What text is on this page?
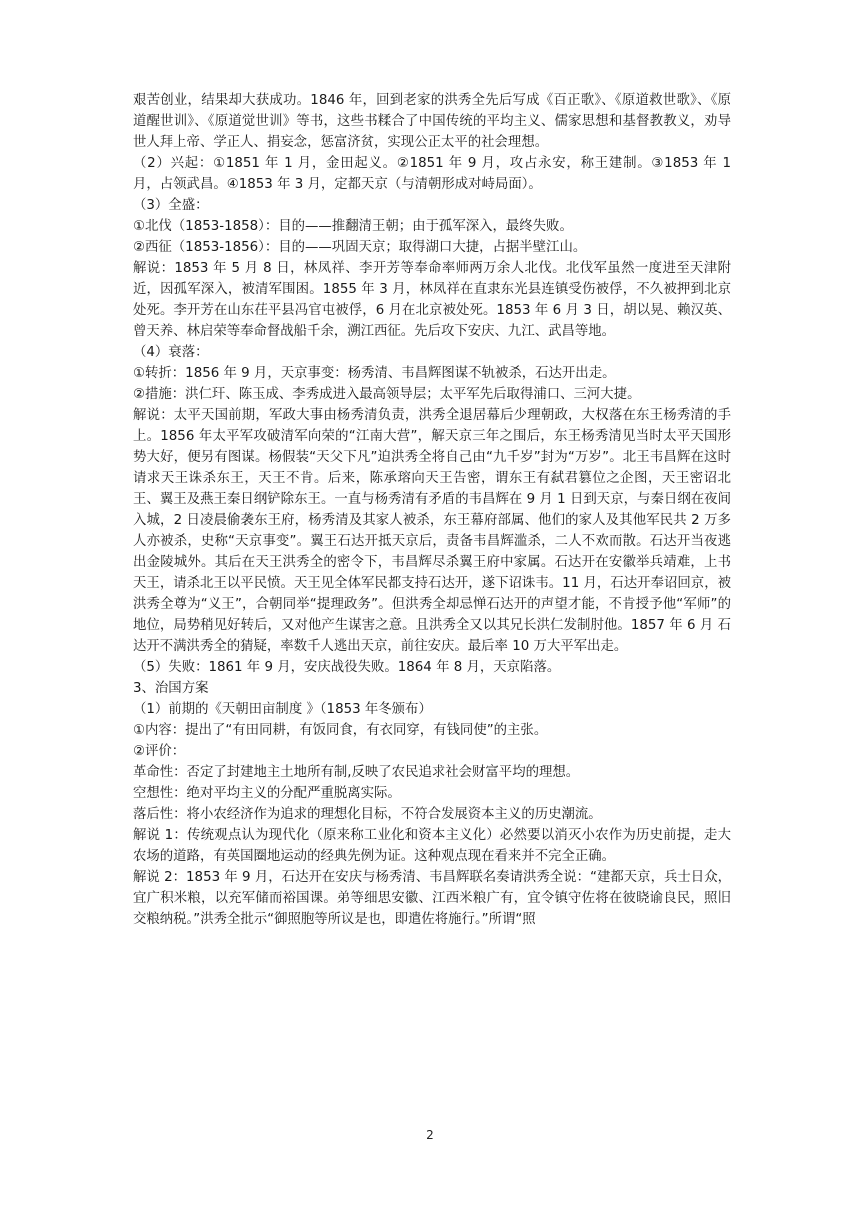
艰苦创业，结果却大获成功。1846 年，回到老家的洪秀全先后写成《百正歌》、《原道救世歌》、《原道醒世训》、《原道觉世训》等书，这些书糅合了中国传统的平均主义、儒家思想和基督教教义，劝导世人拜上帝、学正人、捐妄念，惩富济贫，实现公正太平的社会理想。

（2）兴起：①1851 年 1 月，金田起义。②1851 年 9 月，攻占永安，称王建制。③1853 年 1 月，占领武昌。④1853 年 3 月，定都天京（与清朝形成对峙局面）。

（3）全盛：

①北伐（1853-1858）：目的——推翻清王朝；由于孤军深入，最终失败。

②西征（1853-1856）：目的——巩固天京；取得湖口大捷，占据半壁江山。

解说：1853 年 5 月 8 日，林凤祥、李开芳等奉命率师两万余人北伐。北伐军虽然一度进至天津附近，因孤军深入，被清军围困。1855 年 3 月，林凤祥在直隶东光县连镇受伤被俘，不久被押到北京处死。李开芳在山东茌平县冯官屯被俘，6 月在北京被处死。1853 年 6 月 3 日，胡以晃、赖汉英、曾天养、林启荣等奉命督战船千余，溯江西征。先后攻下安庆、九江、武昌等地。

（4）衰落：

①转折：1856 年 9 月，天京事变：杨秀清、韦昌辉图谋不轨被杀，石达开出走。

②措施：洪仁玕、陈玉成、李秀成进入最高领导层；太平军先后取得浦口、三河大捷。

解说：太平天国前期，军政大事由杨秀清负责，洪秀全退居幕后少理朝政，大权落在东王杨秀清的手上。1856 年太平军攻破清军向荣的“江南大营”，解天京三年之围后，东王杨秀清见当时太平天国形势大好，便另有图谋。杨假装“天父下凡”迫洪秀全将自己由“九千岁”封为“万岁”。北王韦昌辉在这时请求天王诛杀东王，天王不肯。后来，陈承瑢向天王告密，谓东王有弑君篡位之企图，天王密诏北王、翼王及燕王秦日纲铲除东王。一直与杨秀清有矛盾的韦昌辉在 9 月 1 日到天京，与秦日纲在夜间入城，2 日凌晨偷袭东王府，杨秀清及其家人被杀，东王幕府部属、他们的家人及其他军民共 2 万多人亦被杀，史称“天京事变”。翼王石达开抵天京后，责备韦昌辉滥杀，二人不欢而散。石达开当夜逃出金陵城外。其后在天王洪秀全的密令下，韦昌辉尽杀翼王府中家属。石达开在安徽举兵靖难，上书天王，请杀北王以平民愤。天王见全体军民都支持石达开，遂下诏诛韦。11 月，石达开奉诏回京，被洪秀全尊为“义王”，合朝同举“提理政务”。但洪秀全却忌惮石达开的声望才能，不肯授予他“军师”的地位，局势稍见好转后，又对他产生谋害之意。且洪秀全又以其兄长洪仁发制肘他。1857 年 6 月 石达开不满洪秀全的猜疑，率数千人逃出天京，前往安庆。最后率 10 万大平军出走。

（5）失败：1861 年 9 月，安庆战役失败。1864 年 8 月，天京陷落。

3、治国方案

（1）前期的《天朝田亩制度 》（1853 年冬颁布）

①内容：提出了“有田同耕，有饭同食，有衣同穿，有钱同使”的主张。

②评价：

革命性：否定了封建地主土地所有制,反映了农民追求社会财富平均的理想。

空想性：绝对平均主义的分配严重脱离实际。

落后性：将小农经济作为追求的理想化目标，不符合发展资本主义的历史潮流。

解说 1：传统观点认为现代化（原来称工业化和资本主义化）必然要以消灭小农作为历史前提，走大农场的道路，有英国圈地运动的经典先例为证。这种观点现在看来并不完全正确。

解说 2：1853 年 9 月，石达开在安庆与杨秀清、韦昌辉联名奏请洪秀全说：“建都天京，兵士日众，宜广积米粮，以充军储而裕国课。弟等细思安徽、江西米粮广有，宜令镇守佐将在彼晓谕良民，照旧交粮纳税。”洪秀全批示“御照胞等所议是也，即遣佐将施行。”所谓“照

2
